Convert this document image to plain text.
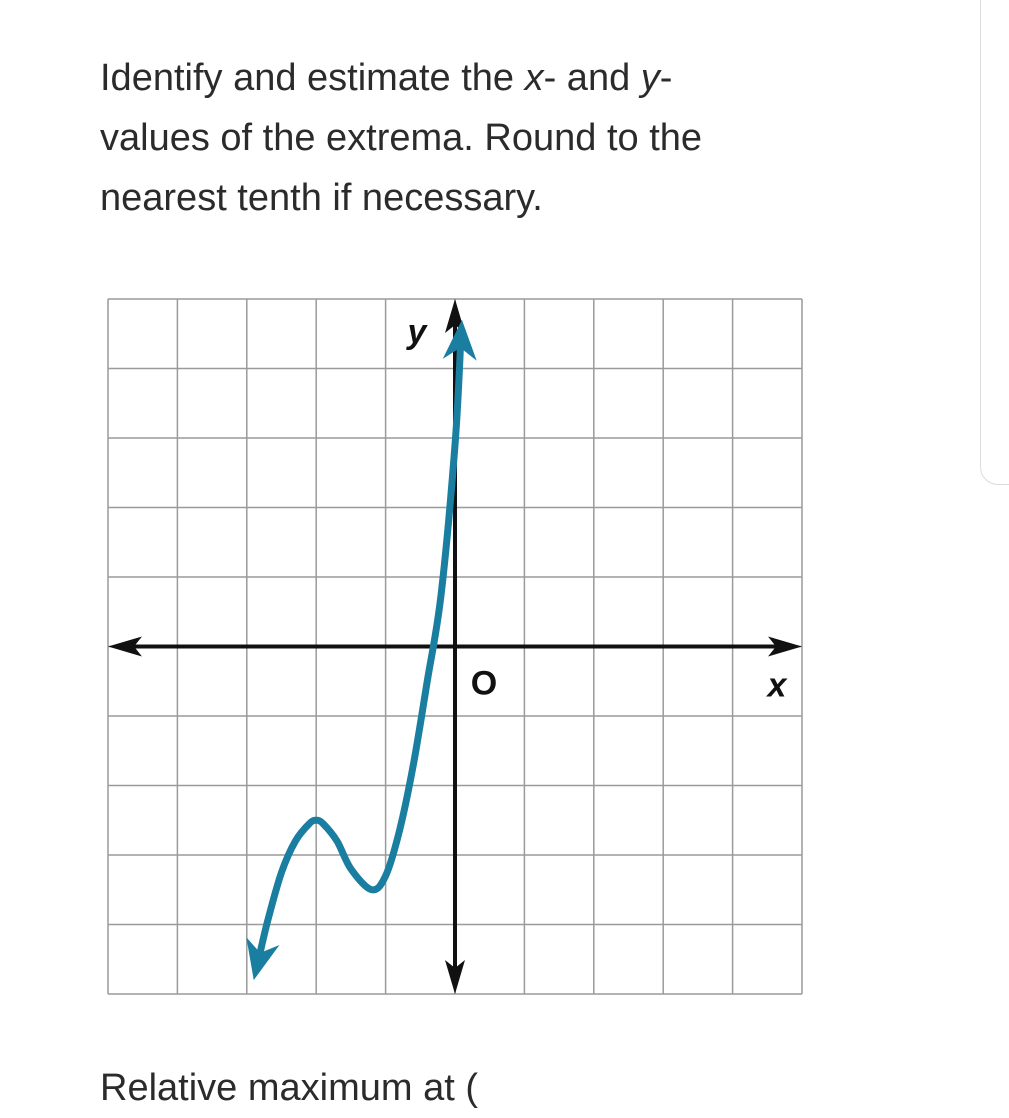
Identify and estimate the x- and y-
values of the extrema. Round to the
nearest tenth if necessary.
y
x
O
Relative maximum at (
